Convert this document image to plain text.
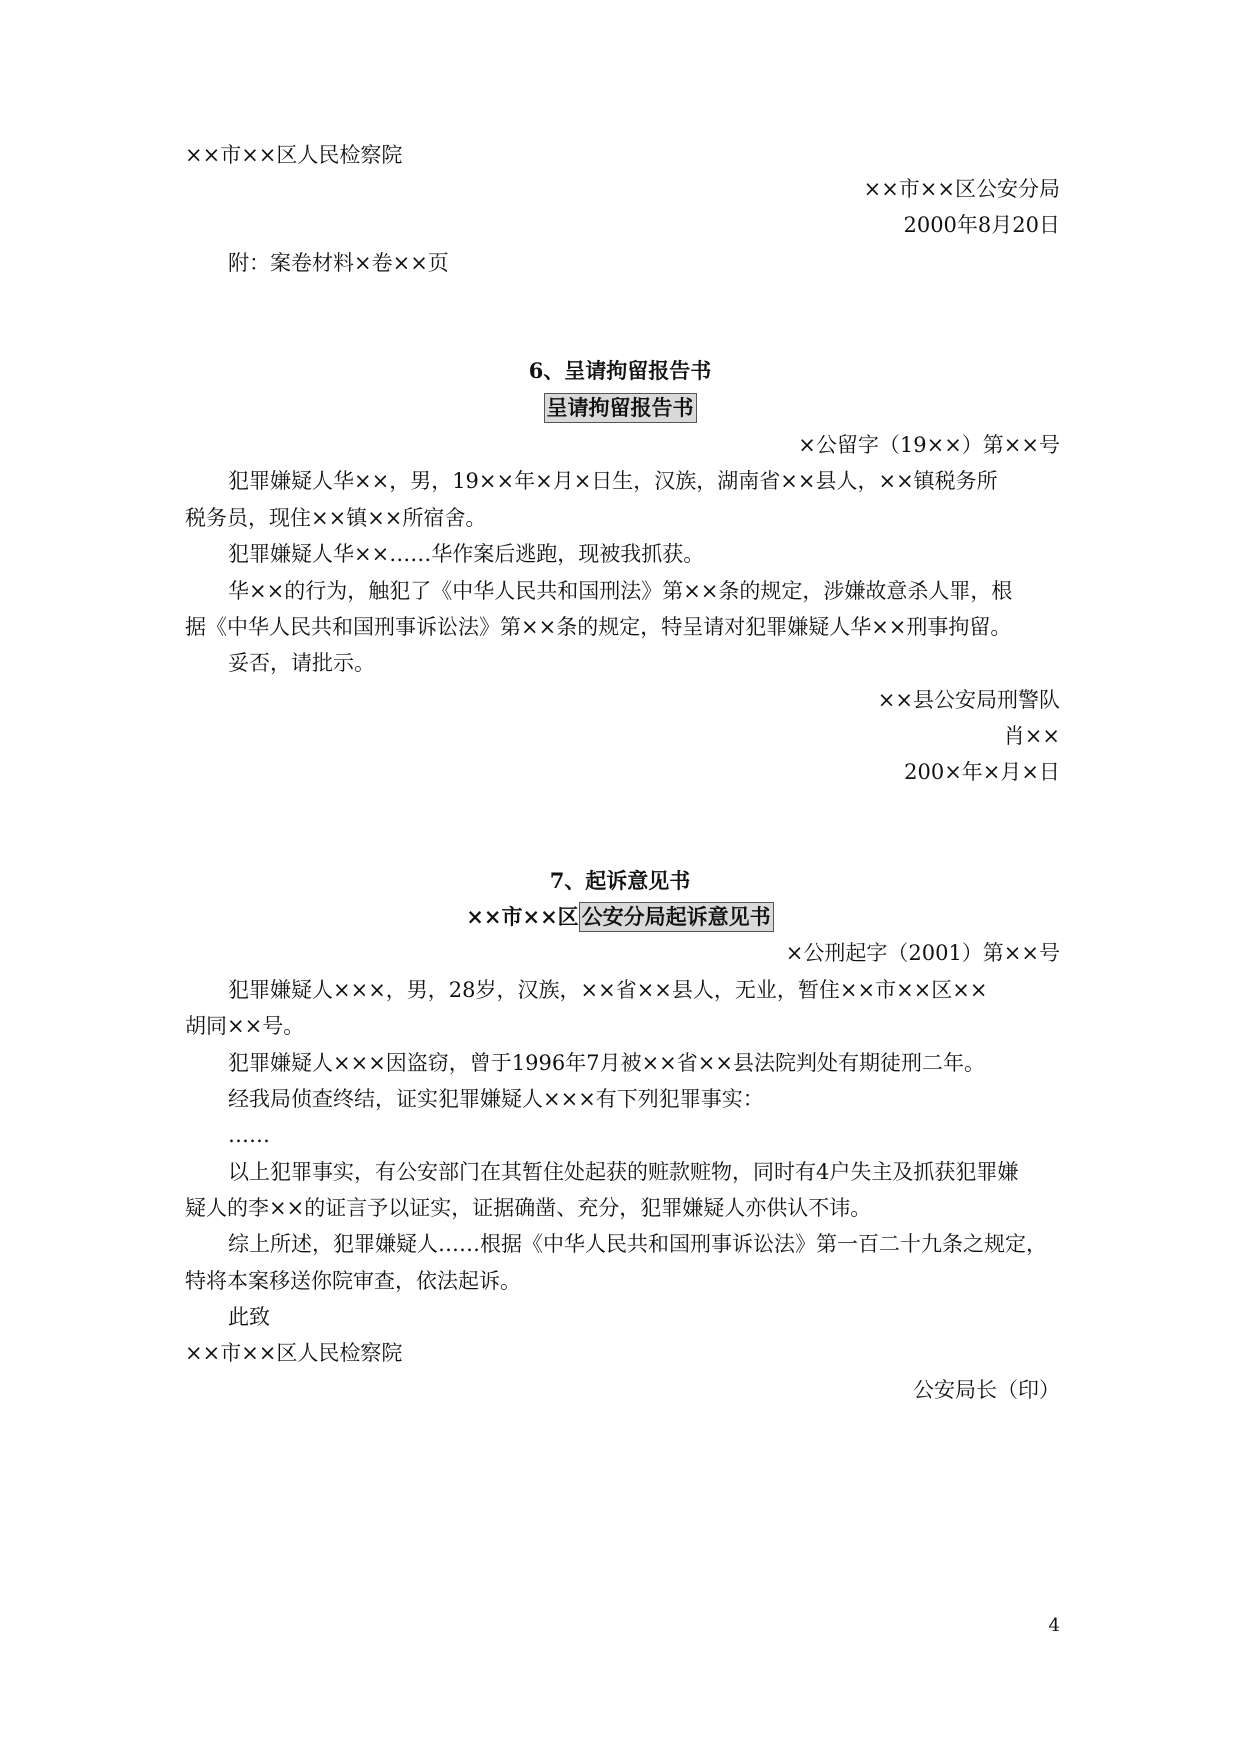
××市××区人民检察院
××市××区公安分局
2000年8月20日
附：案卷材料×卷××页
6、呈请拘留报告书
呈请拘留报告书
×公留字（19××）第××号
犯罪嫌疑人华××，男，19××年×月×日生，汉族，湖南省××县人，××镇税务所
税务员，现住××镇××所宿舍。
犯罪嫌疑人华××……华作案后逃跑，现被我抓获。
华××的行为，触犯了《中华人民共和国刑法》第××条的规定，涉嫌故意杀人罪，根
据《中华人民共和国刑事诉讼法》第××条的规定，特呈请对犯罪嫌疑人华××刑事拘留。
妥否，请批示。
××县公安局刑警队
肖××
200×年×月×日
7、起诉意见书
××市××区 公安分局起诉意见书
×公刑起字（2001）第××号
犯罪嫌疑人×××，男，28岁，汉族，××省××县人，无业，暂住××市××区××
胡同××号。
犯罪嫌疑人×××因盗窃，曾于1996年7月被××省××县法院判处有期徒刑二年。
经我局侦查终结，证实犯罪嫌疑人×××有下列犯罪事实：
……
以上犯罪事实，有公安部门在其暂住处起获的赃款赃物，同时有4户失主及抓获犯罪嫌
疑人的李××的证言予以证实，证据确凿、充分，犯罪嫌疑人亦供认不讳。
综上所述，犯罪嫌疑人……根据《中华人民共和国刑事诉讼法》第一百二十九条之规定，
特将本案移送你院审查，依法起诉。
此致
××市××区人民检察院
公安局长（印）
4
